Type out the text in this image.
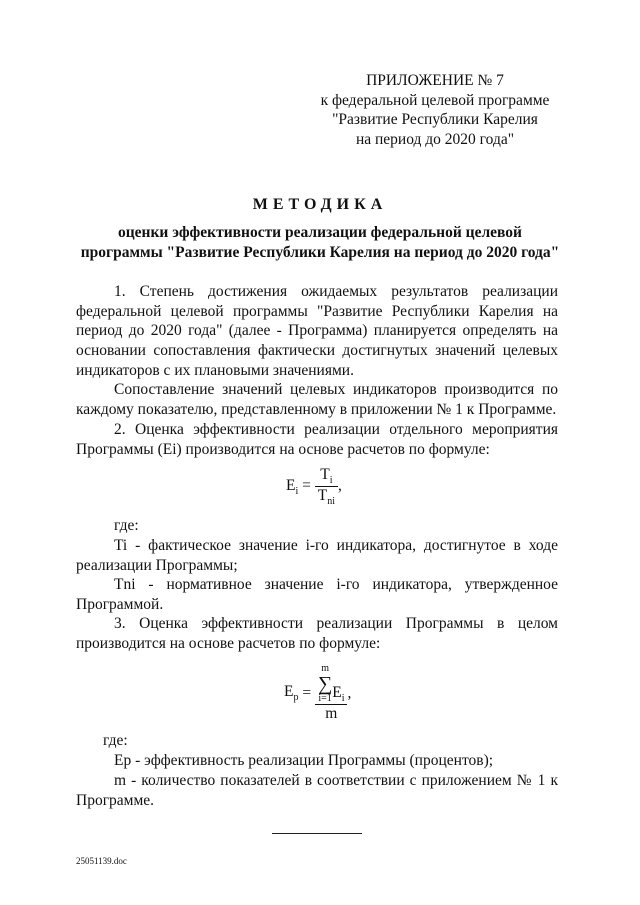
ПРИЛОЖЕНИЕ № 7
к федеральной целевой программе
"Развитие Республики Карелия
на период до 2020 года"
МЕТОДИКА
оценки эффективности реализации федеральной целевой
программы "Развитие Республики Карелия на период до 2020 года"

1. Степень достижения ожидаемых результатов реализации федеральной целевой программы "Развитие Республики Карелия на период до 2020 года" (далее - Программа) планируется определять на основании сопоставления фактически достигнутых значений целевых индикаторов с их плановыми значениями.

Сопоставление значений целевых индикаторов производится по каждому показателю, представленному в приложении № 1 к Программе.

2. Оценка эффективности реализации отдельного мероприятия Программы (Ei) производится на основе расчетов по формуле:

$E_i = \frac{T_i}{T_{ni}}$ ,

где:

Ti - фактическое значение i-го индикатора, достигнутое в ходе реализации Программы;

Tni - нормативное значение i-го индикатора, утвержденное Программой.

3. Оценка эффективности реализации Программы в целом производится на основе расчетов по формуле:

$E_p = m$
∑
i=1 $E_i$
m ,

где:

Eр - эффективность реализации Программы (процентов);

m - количество показателей в соответствии с приложением № 1 к Программе.

25051139.doc
